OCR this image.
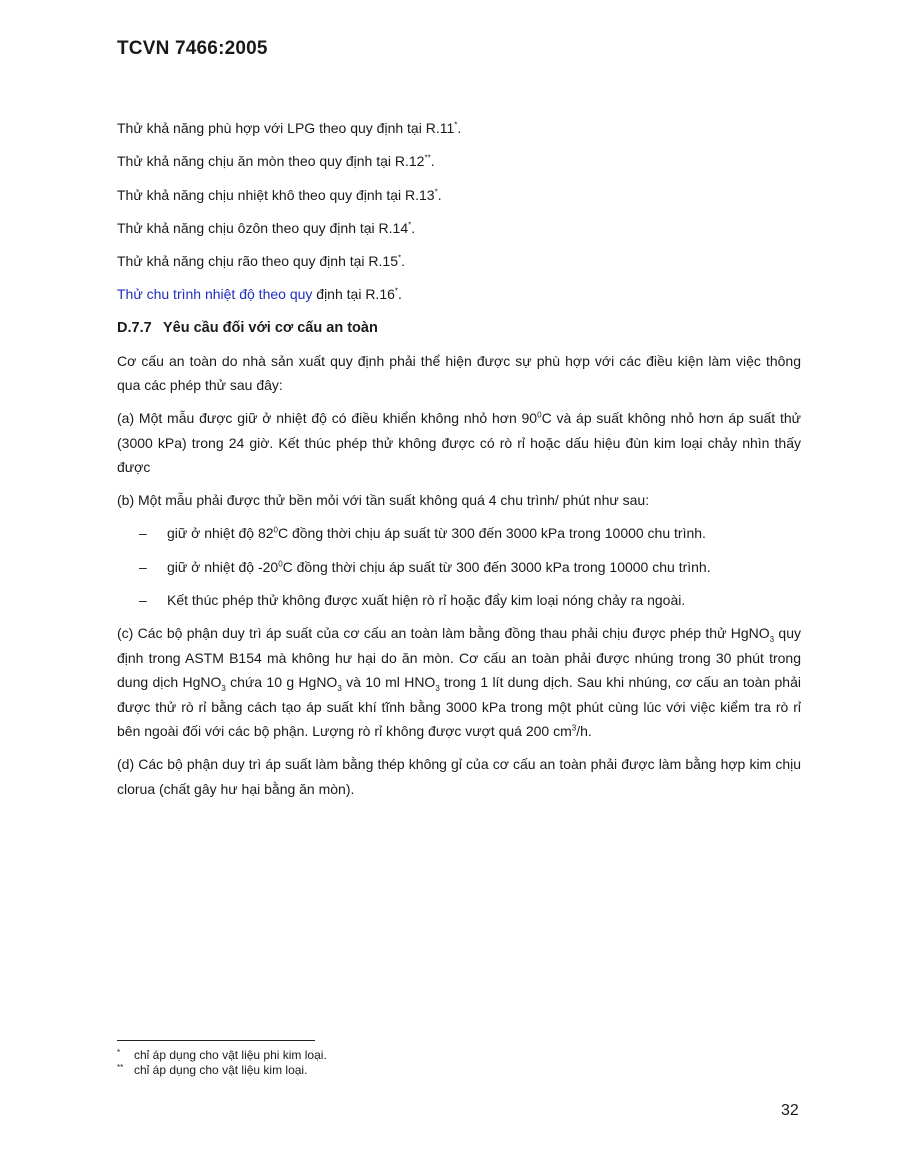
TCVN 7466:2005
Thử khả năng phù hợp với LPG theo quy định tại R.11*.
Thử khả năng chịu ăn mòn theo quy định tại R.12**.
Thử khả năng chịu nhiệt khô theo quy định tại R.13*.
Thử khả năng chịu ôzôn theo quy định tại R.14*.
Thử khả năng chịu rão theo quy định tại R.15*.
Thử chu trình nhiệt độ theo quy định tại R.16*.
D.7.7 Yêu cầu đối với cơ cấu an toàn
Cơ cấu an toàn do nhà sản xuất quy định phải thể hiện được sự phù hợp với các điều kiện làm việc thông qua các phép thử sau đây:
(a) Một mẫu được giữ ở nhiệt độ có điều khiển không nhỏ hơn $90^0C$ và áp suất không nhỏ hơn áp suất thử (3000 kPa) trong 24 giờ. Kết thúc phép thử không được có rò rỉ hoặc dấu hiệu đùn kim loại chảy nhìn thấy được
(b) Một mẫu phải được thử bền mỏi với tần suất không quá 4 chu trình/ phút như sau:
– giữ ở nhiệt độ $82^0C$ đồng thời chịu áp suất từ 300 đến 3000 kPa trong 10000 chu trình.
– giữ ở nhiệt độ $-20^0C$ đồng thời chịu áp suất từ 300 đến 3000 kPa trong 10000 chu trình.
– Kết thúc phép thử không được xuất hiện rò rỉ hoặc đẩy kim loại nóng chảy ra ngoài.
(c) Các bộ phận duy trì áp suất của cơ cấu an toàn làm bằng đồng thau phải chịu được phép thử HgNO$_3$ quy định trong ASTM B154 mà không hư hại do ăn mòn. Cơ cấu an toàn phải được nhúng trong 30 phút trong dung dịch HgNO$_3$ chứa 10 g HgNO$_3$ và 10 ml $HNO_3$ trong 1 lít dung dịch. Sau khi nhúng, cơ cấu an toàn phải được thử rò rỉ bằng cách tạo áp suất khí tĩnh bằng 3000 kPa trong một phút cùng lúc với việc kiểm tra rò rỉ bên ngoài đối với các bộ phận. Lượng rò rỉ không được vượt quá 200 $cm^3/h$.
(d) Các bộ phận duy trì áp suất làm bằng thép không gỉ của cơ cấu an toàn phải được làm bằng hợp kim chịu clorua (chất gây hư hại bằng ăn mòn).
* chỉ áp dụng cho vật liệu phi kim loại.
** chỉ áp dụng cho vật liệu kim loại.
32
